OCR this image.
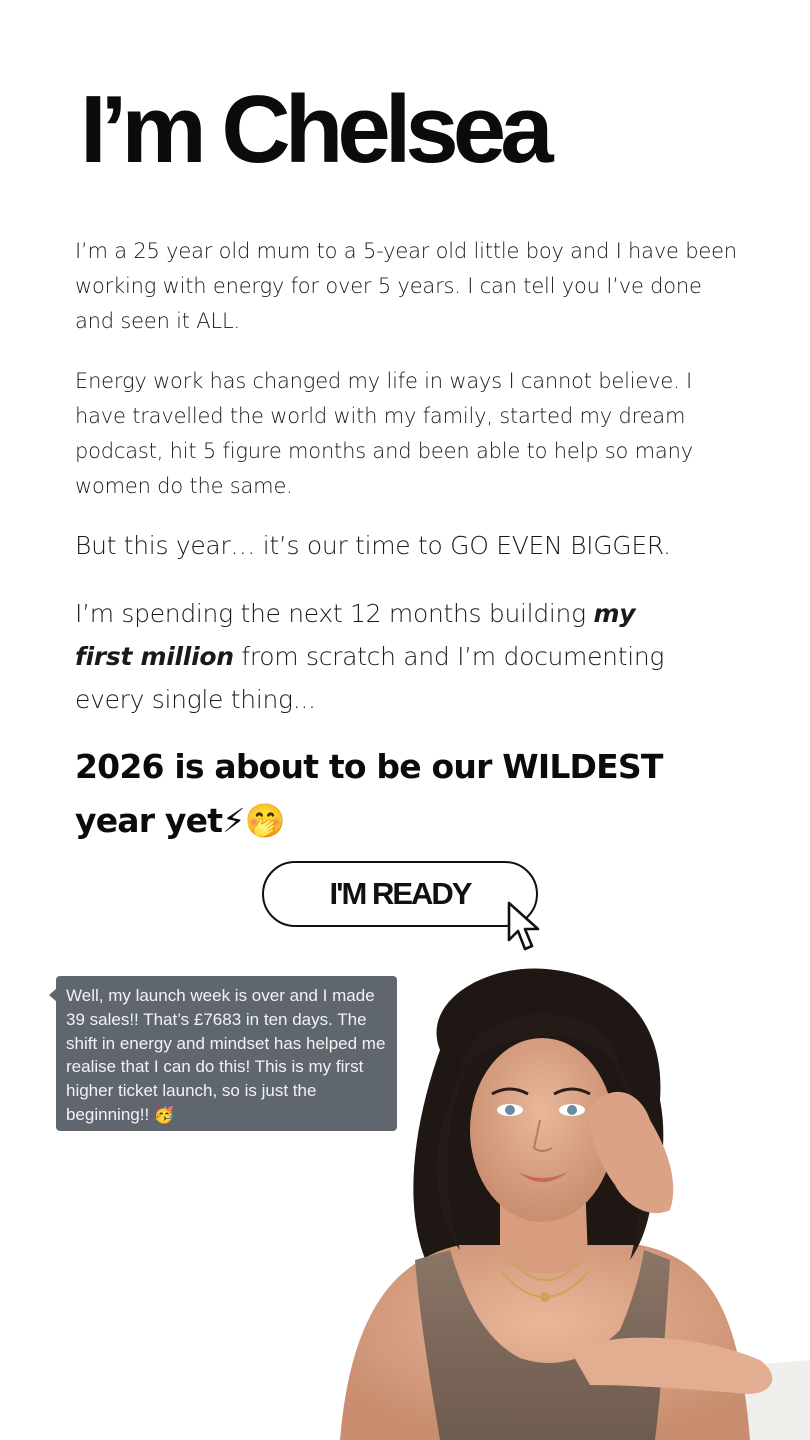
I’m Chelsea

I’m a 25 year old mum to a 5-year old little boy and I have been working with energy for over 5 years. I can tell you I’ve done and seen it ALL.

Energy work has changed my life in ways I cannot believe. I have travelled the world with my family, started my dream podcast, hit 5 figure months and been able to help so many women do the same.

But this year… it’s our time to GO EVEN BIGGER.

I’m spending the next 12 months building my first million from scratch and I’m documenting every single thing...

2026 is about to be our WILDEST year yet⚡🤭
I'M READY

Well, my launch week is over and I made 39 sales!! That’s £7683 in ten days. The shift in energy and mindset has helped me realise that I can do this! This is my first higher ticket launch, so is just the beginning!! 🥳
